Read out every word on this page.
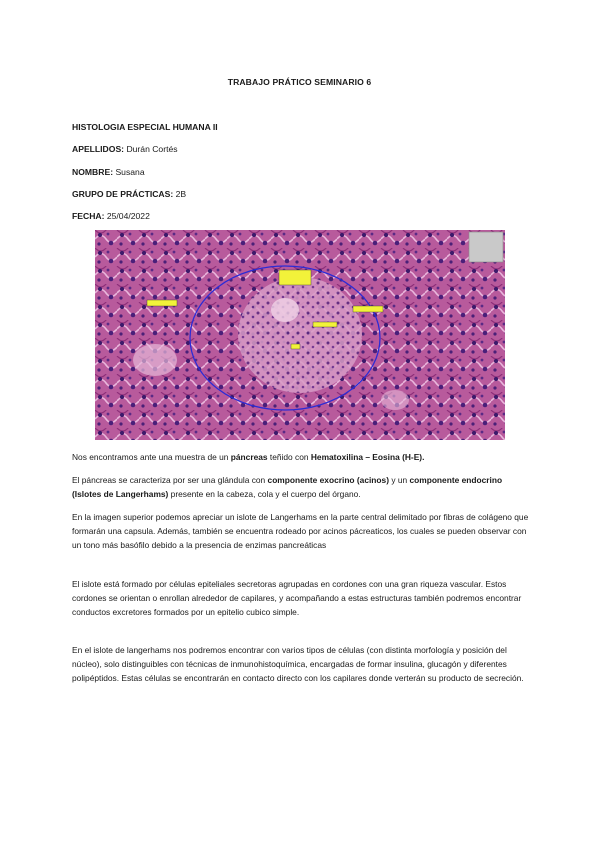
TRABAJO PRÁTICO SEMINARIO 6
HISTOLOGIA ESPECIAL HUMANA II
APELLIDOS: Durán Cortés
NOMBRE: Susana
GRUPO DE PRÁCTICAS: 2B
FECHA: 25/04/2022
Nos encontramos ante una muestra de un páncreas teñido con Hematoxilina – Eosina (H-E).
El páncreas se caracteriza por ser una glándula con componente exocrino (acinos) y un componente endocrino (Islotes de Langerhams) presente en la cabeza, cola y el cuerpo del órgano.
En la imagen superior podemos apreciar un islote de Langerhams en la parte central delimitado por fibras de colágeno que formarán una capsula. Además, también se encuentra rodeado por acinos pácreaticos, los cuales se pueden observar con un tono más basófilo debido a la presencia de enzimas pancreáticas
El islote está formado por células epiteliales secretoras agrupadas en cordones con una gran riqueza vascular. Estos cordones se orientan o enrollan alrededor de capilares, y acompañando a estas estructuras también podremos encontrar conductos excretores formados por un epitelio cubico simple.
En el islote de langerhams nos podremos encontrar con varios tipos de células (con distinta morfología y posición del núcleo), solo distinguibles con técnicas de inmunohistoquímica, encargadas de formar insulina, glucagón y diferentes polipéptidos. Estas células se encontrarán en contacto directo con los capilares donde verterán su producto de secreción.
